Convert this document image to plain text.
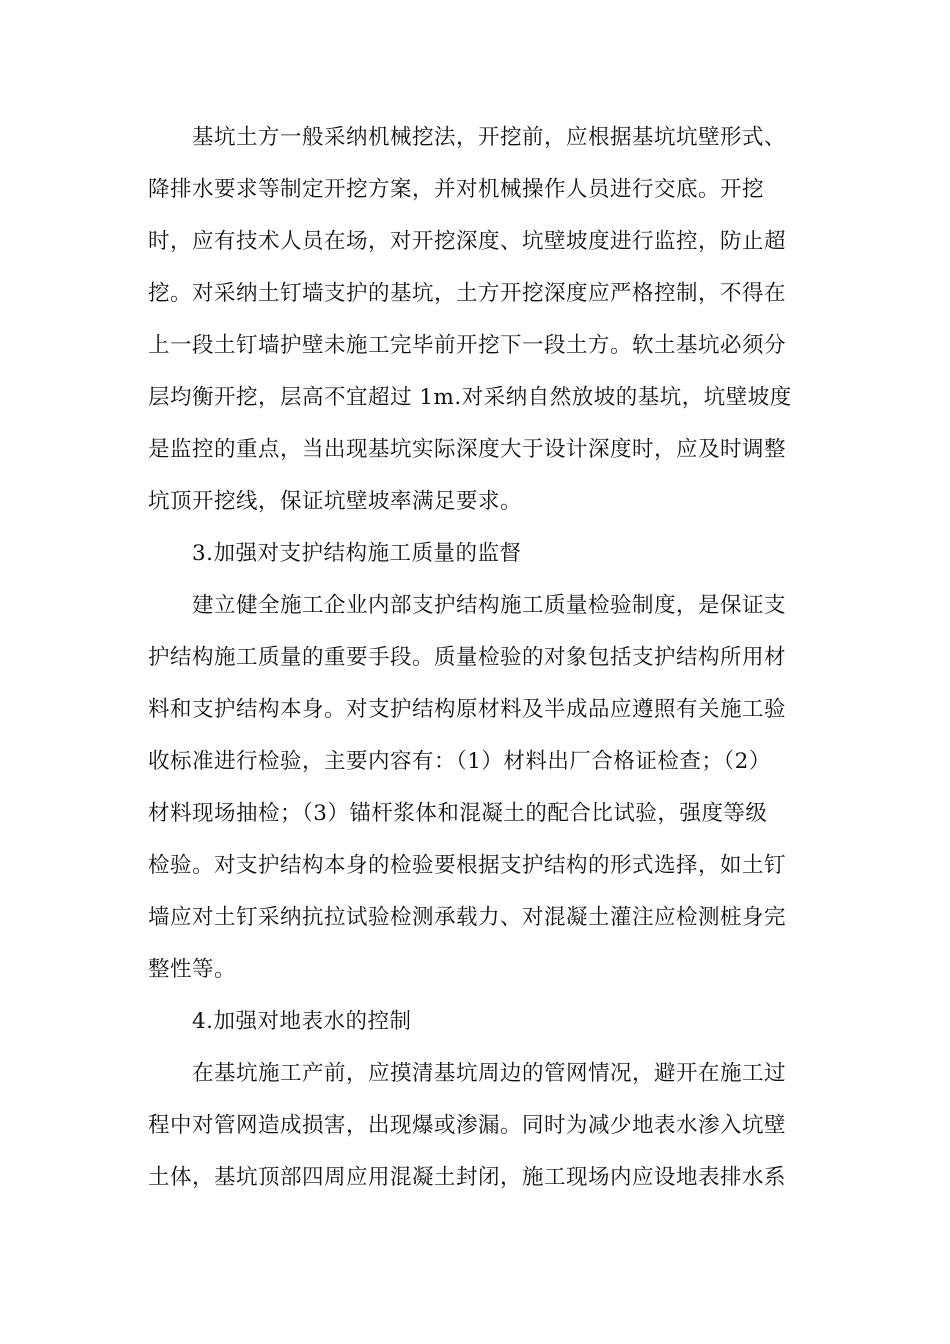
基坑土方一般采纳机械挖法，开挖前，应根据基坑坑壁形式、
降排水要求等制定开挖方案，并对机械操作人员进行交底。开挖
时，应有技术人员在场，对开挖深度、坑壁坡度进行监控，防止超
挖。对采纳土钉墙支护的基坑，土方开挖深度应严格控制，不得在
上一段土钉墙护壁未施工完毕前开挖下一段土方。软土基坑必须分
层均衡开挖，层高不宜超过 1m.对采纳自然放坡的基坑，坑壁坡度
是监控的重点，当出现基坑实际深度大于设计深度时，应及时调整
坑顶开挖线，保证坑壁坡率满足要求。
3.加强对支护结构施工质量的监督
建立健全施工企业内部支护结构施工质量检验制度，是保证支
护结构施工质量的重要手段。质量检验的对象包括支护结构所用材
料和支护结构本身。对支护结构原材料及半成品应遵照有关施工验
收标准进行检验，主要内容有：（1）材料出厂合格证检查；（2）
材料现场抽检；（3）锚杆浆体和混凝土的配合比试验，强度等级
检验。对支护结构本身的检验要根据支护结构的形式选择，如土钉
墙应对土钉采纳抗拉试验检测承载力、对混凝土灌注应检测桩身完
整性等。
4.加强对地表水的控制
在基坑施工产前，应摸清基坑周边的管网情况，避开在施工过
程中对管网造成损害，出现爆或渗漏。同时为减少地表水渗入坑壁
土体，基坑顶部四周应用混凝土封闭，施工现场内应设地表排水系
